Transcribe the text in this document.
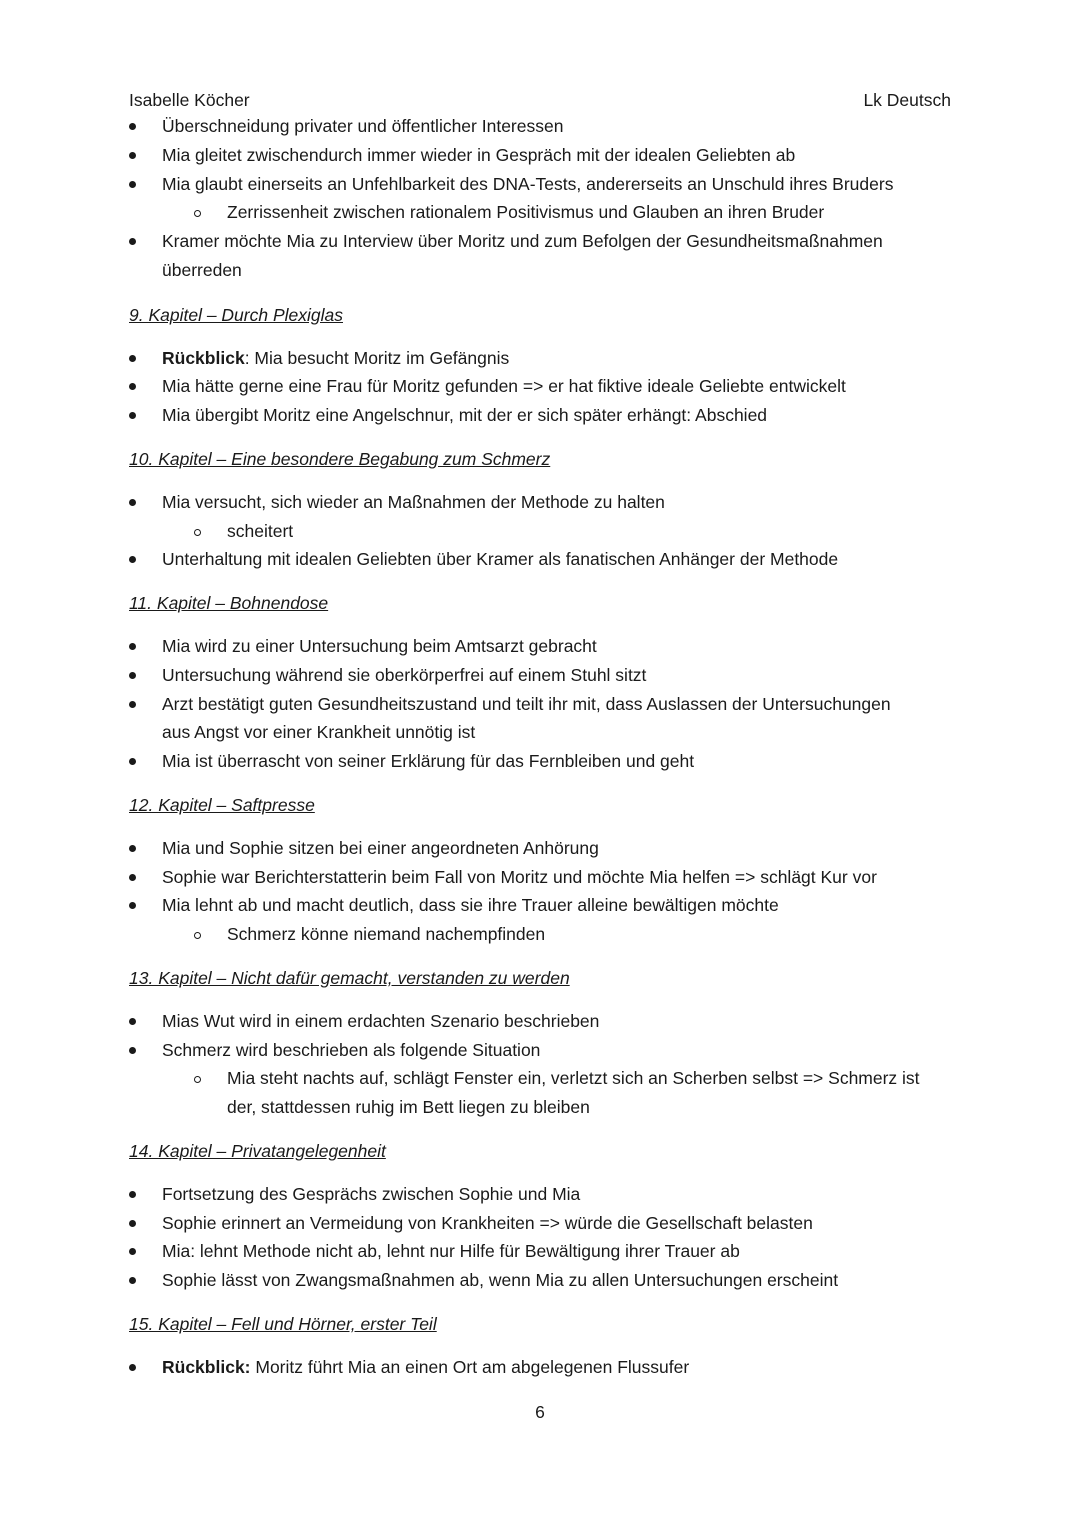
Isabelle Köcher	Lk Deutsch
Überschneidung privater und öffentlicher Interessen
Mia gleitet zwischendurch immer wieder in Gespräch mit der idealen Geliebten ab
Mia glaubt einerseits an Unfehlbarkeit des DNA-Tests, andererseits an Unschuld ihres Bruders
Zerrissenheit zwischen rationalem Positivismus und Glauben an ihren Bruder
Kramer möchte Mia zu Interview über Moritz und zum Befolgen der Gesundheitsmaßnahmen
überreden
9. Kapitel – Durch Plexiglas
Rückblick: Mia besucht Moritz im Gefängnis
Mia hätte gerne eine Frau für Moritz gefunden => er hat fiktive ideale Geliebte entwickelt
Mia übergibt Moritz eine Angelschnur, mit der er sich später erhängt: Abschied
10. Kapitel – Eine besondere Begabung zum Schmerz
Mia versucht, sich wieder an Maßnahmen der Methode zu halten
scheitert
Unterhaltung mit idealen Geliebten über Kramer als fanatischen Anhänger der Methode
11. Kapitel – Bohnendose
Mia wird zu einer Untersuchung beim Amtsarzt gebracht
Untersuchung während sie oberkörperfrei auf einem Stuhl sitzt
Arzt bestätigt guten Gesundheitszustand und teilt ihr mit, dass Auslassen der Untersuchungen
aus Angst vor einer Krankheit unnötig ist
Mia ist überrascht von seiner Erklärung für das Fernbleiben und geht
12. Kapitel – Saftpresse
Mia und Sophie sitzen bei einer angeordneten Anhörung
Sophie war Berichterstatterin beim Fall von Moritz und möchte Mia helfen => schlägt Kur vor
Mia lehnt ab und macht deutlich, dass sie ihre Trauer alleine bewältigen möchte
Schmerz könne niemand nachempfinden
13. Kapitel – Nicht dafür gemacht, verstanden zu werden
Mias Wut wird in einem erdachten Szenario beschrieben
Schmerz wird beschrieben als folgende Situation
Mia steht nachts auf, schlägt Fenster ein, verletzt sich an Scherben selbst => Schmerz ist
der, stattdessen ruhig im Bett liegen zu bleiben
14. Kapitel – Privatangelegenheit
Fortsetzung des Gesprächs zwischen Sophie und Mia
Sophie erinnert an Vermeidung von Krankheiten => würde die Gesellschaft belasten
Mia: lehnt Methode nicht ab, lehnt nur Hilfe für Bewältigung ihrer Trauer ab
Sophie lässt von Zwangsmaßnahmen ab, wenn Mia zu allen Untersuchungen erscheint
15. Kapitel – Fell und Hörner, erster Teil
Rückblick: Moritz führt Mia an einen Ort am abgelegenen Flussufer
6
